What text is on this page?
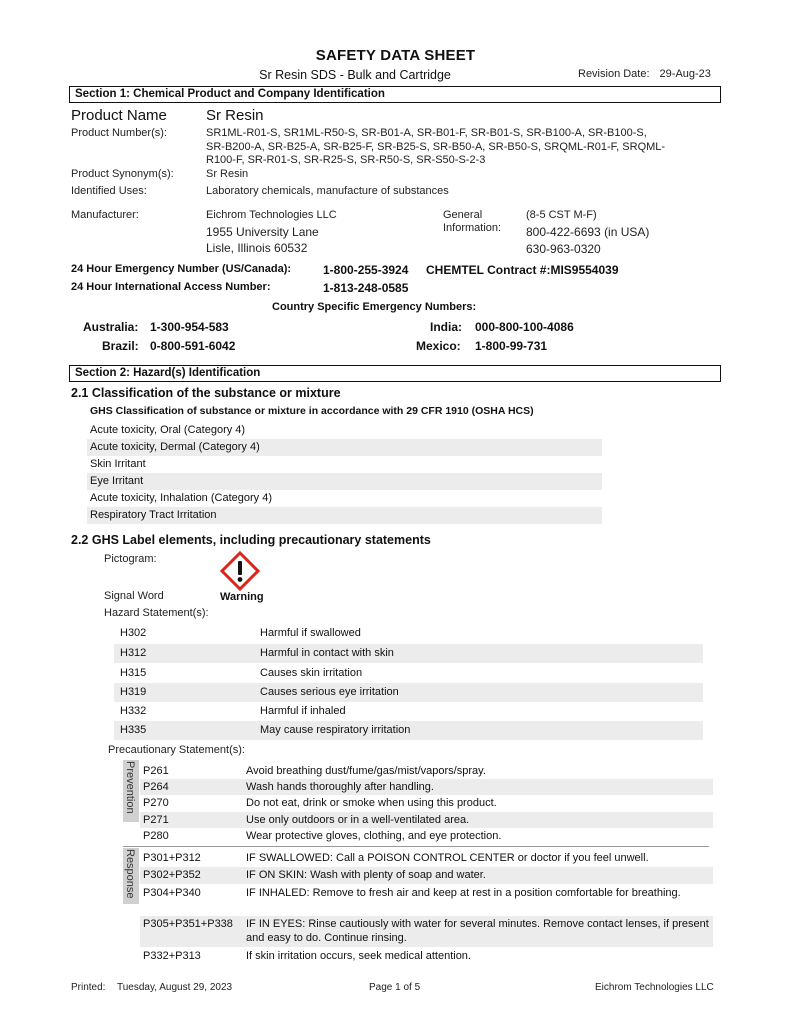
SAFETY DATA SHEET
Sr Resin SDS - Bulk and Cartridge	Revision Date: 29-Aug-23
Section 1: Chemical Product and Company Identification
Product Name	Sr Resin
Product Number(s):	SR1ML-R01-S, SR1ML-R50-S, SR-B01-A, SR-B01-F, SR-B01-S, SR-B100-A, SR-B100-S,
SR-B200-A, SR-B25-A, SR-B25-F, SR-B25-S, SR-B50-A, SR-B50-S, SRQML-R01-F, SRQML-
R100-F, SR-R01-S, SR-R25-S, SR-R50-S, SR-S50-S-2-3
Product Synonym(s):	Sr Resin
Identified Uses:	Laboratory chemicals, manufacture of substances
Manufacturer:	Eichrom Technologies LLC
1955 University Lane
Lisle, Illinois 60532
General
Information:
(8-5 CST M-F)
800-422-6693 (in USA)
630-963-0320
24 Hour Emergency Number (US/Canada):	1-800-255-3924 CHEMTEL Contract #:MIS9554039
24 Hour International Access Number:	1-813-248-0585
Country Specific Emergency Numbers:
Australia: 1-300-954-583
Brazil: 0-800-591-6042
India: 000-800-100-4086
Mexico: 1-800-99-731
Section 2: Hazard(s) Identification
2.1 Classification of the substance or mixture
GHS Classification of substance or mixture in accordance with 29 CFR 1910 (OSHA HCS)
Acute toxicity, Oral (Category 4)
Acute toxicity, Dermal (Category 4)
Skin Irritant
Eye Irritant
Acute toxicity, Inhalation (Category 4)
Respiratory Tract Irritation
2.2 GHS Label elements, including precautionary statements
Pictogram:
Signal Word	Warning
Hazard Statement(s):
H302	Harmful if swallowed
H312	Harmful in contact with skin
H315	Causes skin irritation
H319	Causes serious eye irritation
H332	Harmful if inhaled
H335	May cause respiratory irritation
Precautionary Statement(s):
Prevention P261	Avoid breathing dust/fume/gas/mist/vapors/spray.
P264	Wash hands thoroughly after handling.
P270	Do not eat, drink or smoke when using this product.
P271	Use only outdoors or in a well-ventilated area.
P280	Wear protective gloves, clothing, and eye protection.
Response P301+P312	IF SWALLOWED: Call a POISON CONTROL CENTER or doctor if you feel unwell.
P302+P352	IF ON SKIN: Wash with plenty of soap and water.
P304+P340	IF INHALED: Remove to fresh air and keep at rest in a position comfortable for breathing.
P305+P351+P338 IF IN EYES: Rinse cautiously with water for several minutes. Remove contact lenses, if present and easy to do. Continue rinsing.
P332+P313	If skin irritation occurs, seek medical attention.
Printed: Tuesday, August 29, 2023	Page 1 of 5	Eichrom Technologies LLC
